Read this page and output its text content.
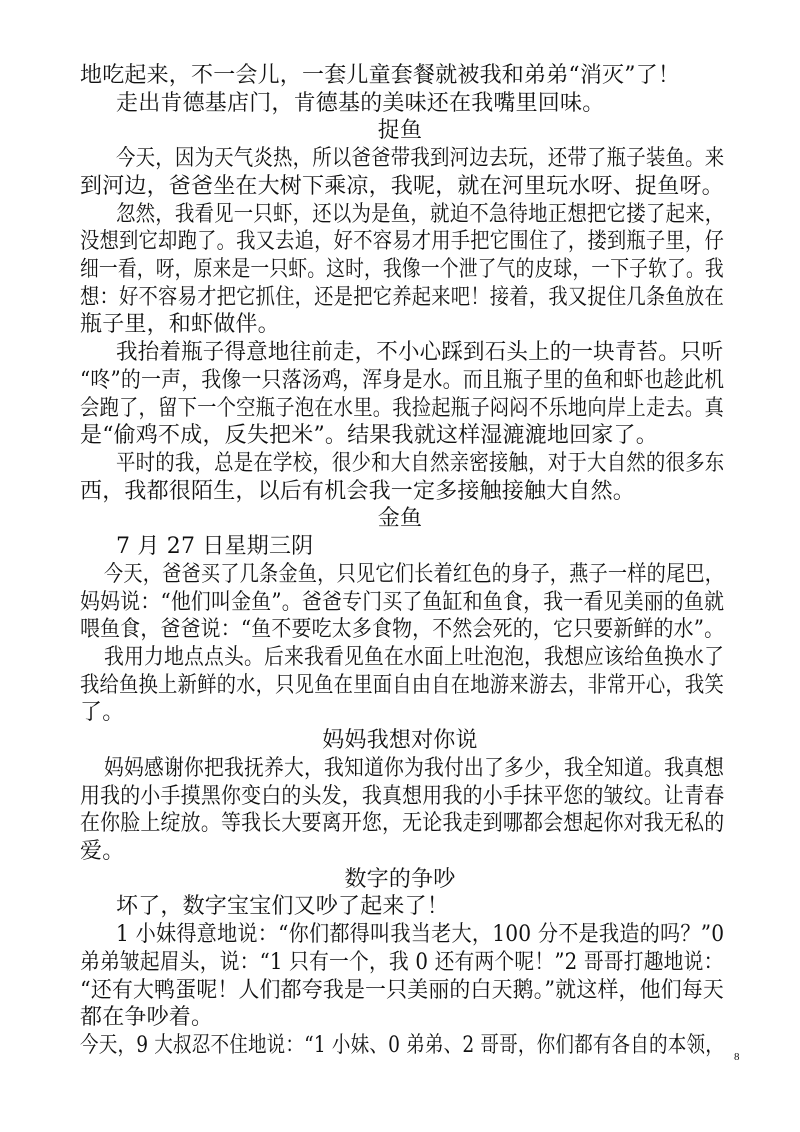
地吃起来，不一会儿，一套儿童套餐就被我和弟弟“消灭”了！
走出肯德基店门，肯德基的美味还在我嘴里回味。
捉鱼
今天，因为天气炎热，所以爸爸带我到河边去玩，还带了瓶子装鱼。来
到河边，爸爸坐在大树下乘凉，我呢，就在河里玩水呀、捉鱼呀。
忽然，我看见一只虾，还以为是鱼，就迫不急待地正想把它搂了起来，
没想到它却跑了。我又去追，好不容易才用手把它围住了，搂到瓶子里，仔
细一看，呀，原来是一只虾。这时，我像一个泄了气的皮球，一下子软了。我
想：好不容易才把它抓住，还是把它养起来吧！接着，我又捉住几条鱼放在
瓶子里，和虾做伴。
我抬着瓶子得意地往前走，不小心踩到石头上的一块青苔。只听
“咚”的一声，我像一只落汤鸡，浑身是水。而且瓶子里的鱼和虾也趁此机
会跑了，留下一个空瓶子泡在水里。我捡起瓶子闷闷不乐地向岸上走去。真
是“偷鸡不成，反失把米”。结果我就这样湿漉漉地回家了。
平时的我，总是在学校，很少和大自然亲密接触，对于大自然的很多东
西，我都很陌生，以后有机会我一定多接触接触大自然。
金鱼
7 月 27 日星期三阴
今天，爸爸买了几条金鱼，只见它们长着红色的身子，燕子一样的尾巴，
妈妈说：“他们叫金鱼”。爸爸专门买了鱼缸和鱼食，我一看见美丽的鱼就
喂鱼食，爸爸说：“鱼不要吃太多食物，不然会死的，它只要新鲜的水”。
我用力地点点头。后来我看见鱼在水面上吐泡泡，我想应该给鱼换水了
我给鱼换上新鲜的水，只见鱼在里面自由自在地游来游去，非常开心，我笑
了。
妈妈我想对你说
妈妈感谢你把我抚养大，我知道你为我付出了多少，我全知道。我真想
用我的小手摸黑你变白的头发，我真想用我的小手抹平您的皱纹。让青春
在你脸上绽放。等我长大要离开您，无论我走到哪都会想起你对我无私的
爱。
数字的争吵
坏了，数字宝宝们又吵了起来了！
1 小妹得意地说：“你们都得叫我当老大，100 分不是我造的吗？”0
弟弟皱起眉头，说：“1 只有一个，我 0 还有两个呢！”2 哥哥打趣地说：
“还有大鸭蛋呢！人们都夸我是一只美丽的白天鹅。”就这样，他们每天
都在争吵着。
今天，9 大叔忍不住地说：“1 小妹、0 弟弟、2 哥哥，你们都有各自的本领， 8
